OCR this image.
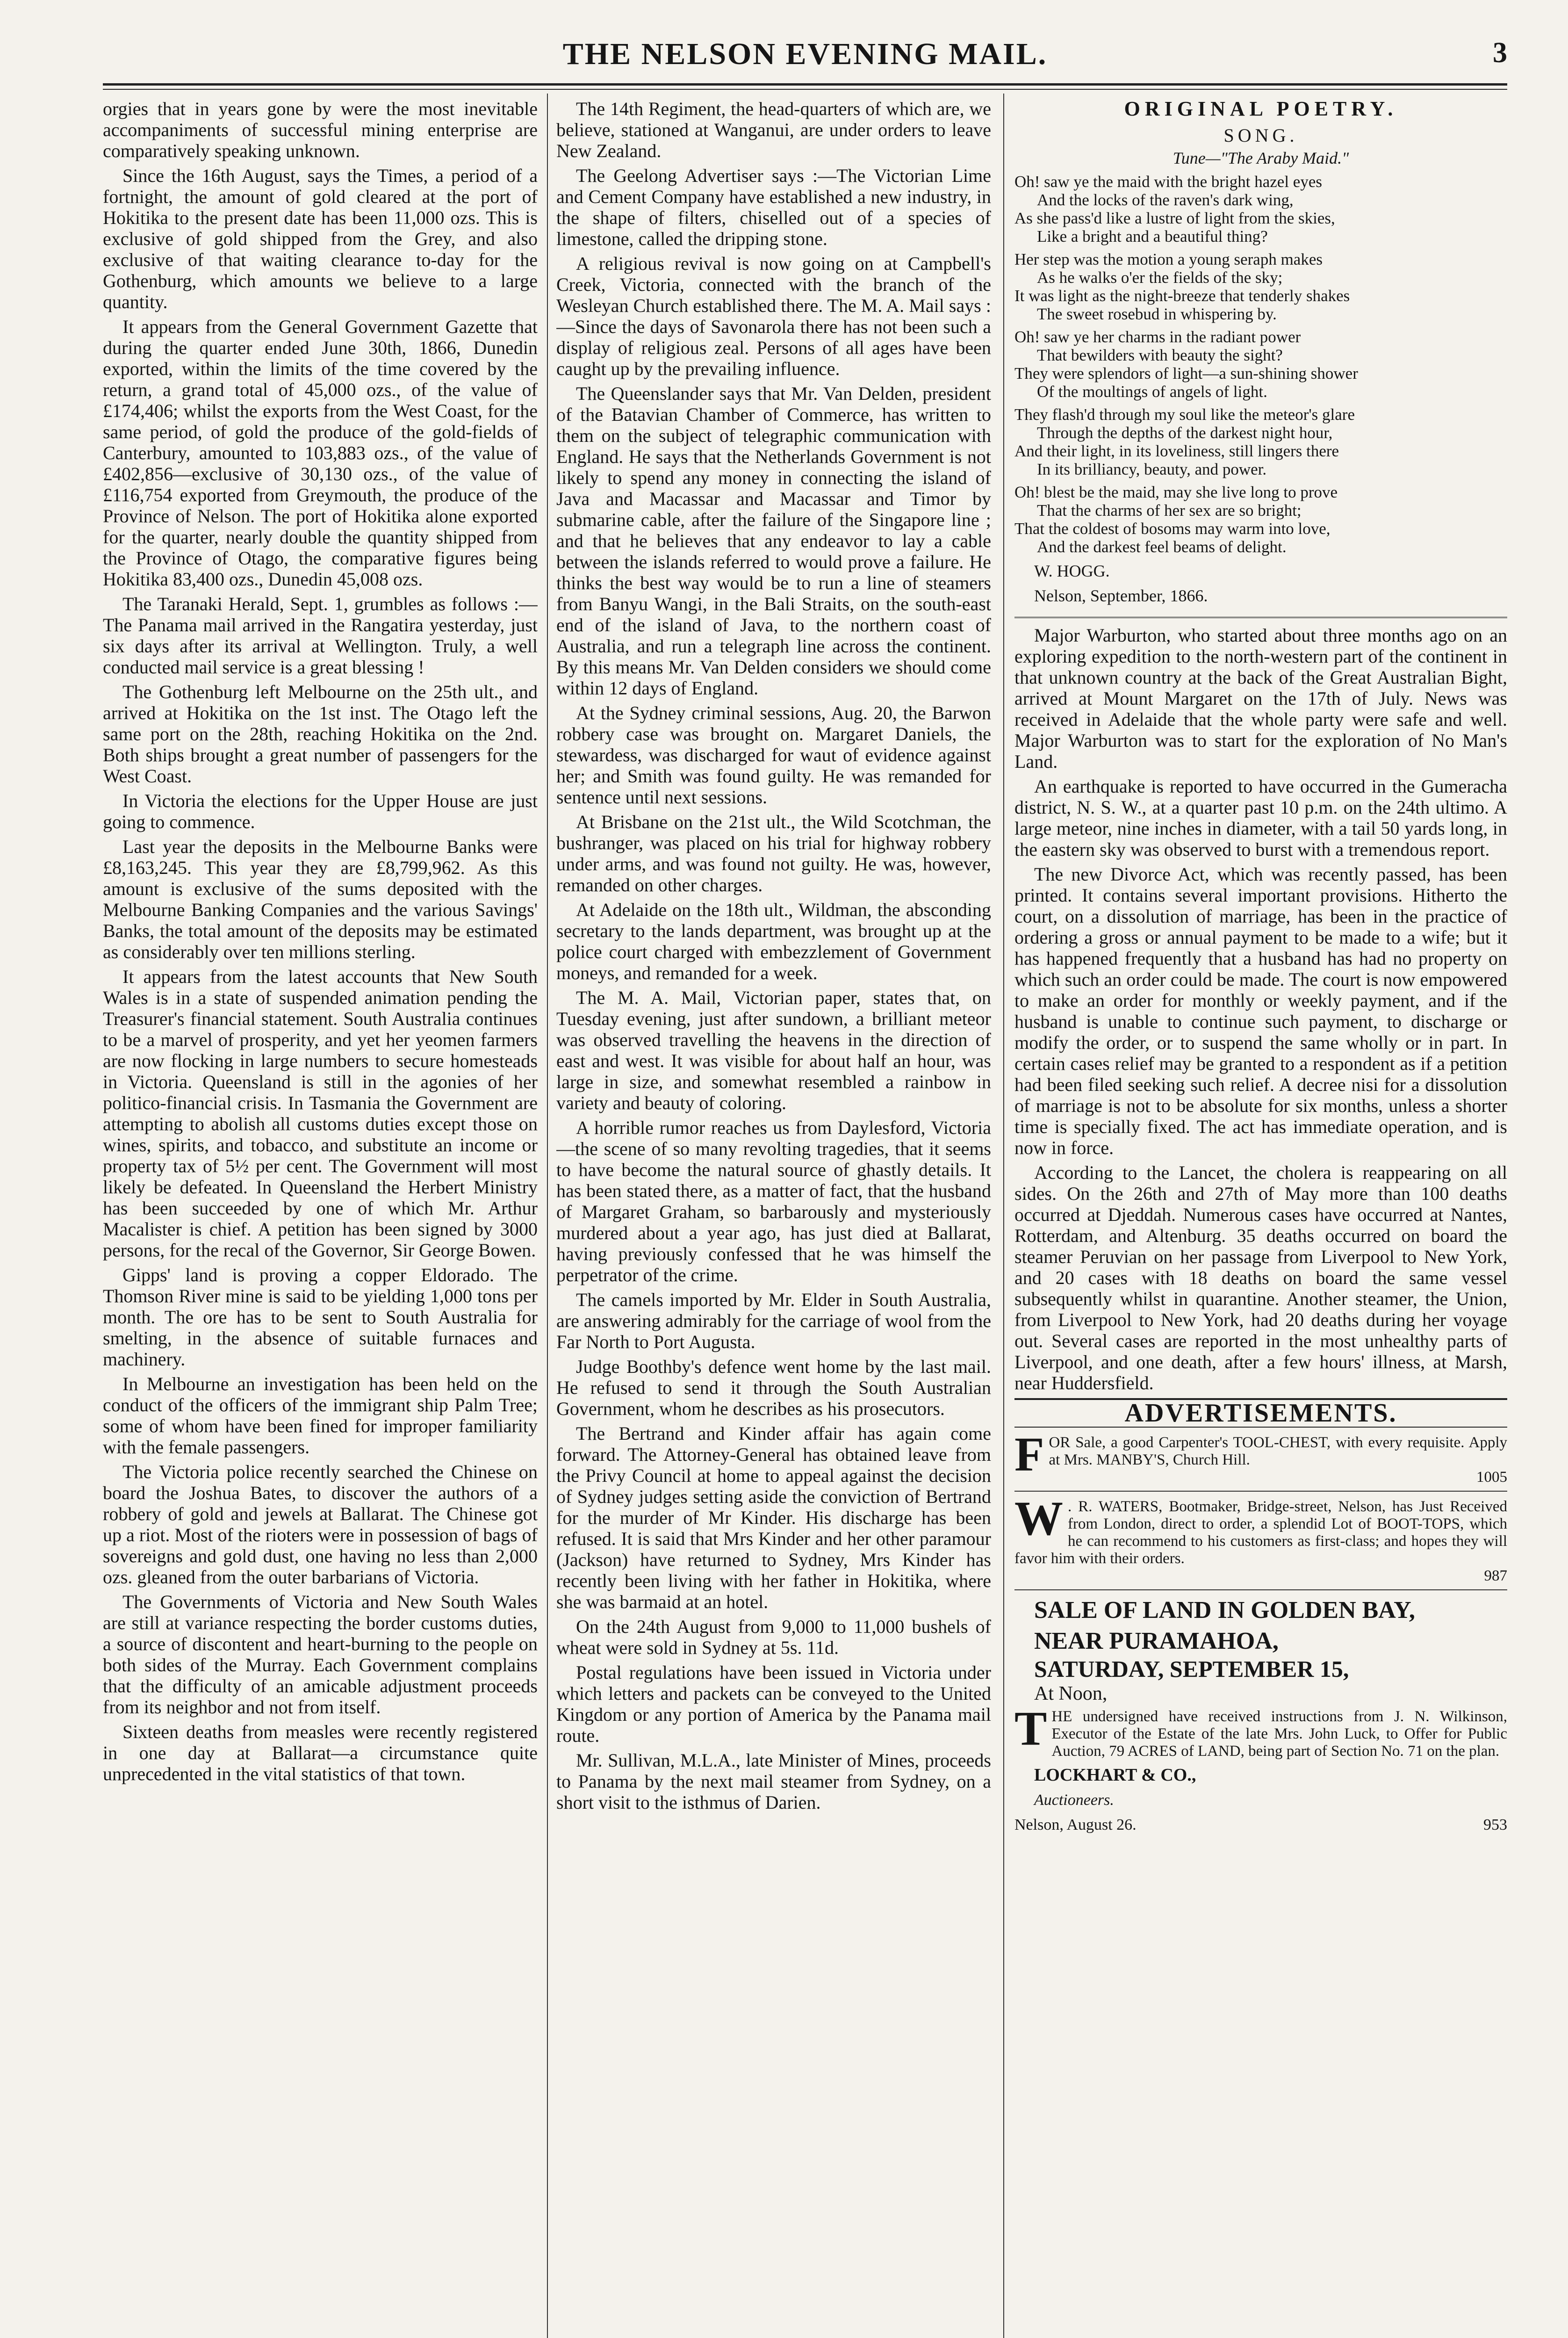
THE NELSON EVENING MAIL.	3

orgies that in years gone by were the most inevitable accompaniments of successful mining enterprise are comparatively speaking unknown.

Since the 16th August, says the Times, a period of a fortnight, the amount of gold cleared at the port of Hokitika to the present date has been 11,000 ozs. This is exclusive of gold shipped from the Grey, and also exclusive of that waiting clearance to-day for the Gothenburg, which amounts we believe to a large quantity.

It appears from the General Government Gazette that during the quarter ended June 30th, 1866, Dunedin exported, within the limits of the time covered by the return, a grand total of 45,000 ozs., of the value of £174,406; whilst the exports from the West Coast, for the same period, of gold the produce of the gold-fields of Canterbury, amounted to 103,883 ozs., of the value of £402,856—exclusive of 30,130 ozs., of the value of £116,754 exported from Greymouth, the produce of the Province of Nelson. The port of Hokitika alone exported for the quarter, nearly double the quantity shipped from the Province of Otago, the comparative figures being Hokitika 83,400 ozs., Dunedin 45,008 ozs.

The Taranaki Herald, Sept. 1, grumbles as follows :—The Panama mail arrived in the Rangatira yesterday, just six days after its arrival at Wellington. Truly, a well conducted mail service is a great blessing !

The Gothenburg left Melbourne on the 25th ult., and arrived at Hokitika on the 1st inst. The Otago left the same port on the 28th, reaching Hokitika on the 2nd. Both ships brought a great number of passengers for the West Coast.

In Victoria the elections for the Upper House are just going to commence.

Last year the deposits in the Melbourne Banks were £8,163,245. This year they are £8,799,962. As this amount is exclusive of the sums deposited with the Melbourne Banking Companies and the various Savings' Banks, the total amount of the deposits may be estimated as considerably over ten millions sterling.

It appears from the latest accounts that New South Wales is in a state of suspended animation pending the Treasurer's financial statement. South Australia continues to be a marvel of prosperity, and yet her yeomen farmers are now flocking in large numbers to secure homesteads in Victoria. Queensland is still in the agonies of her politico-financial crisis. In Tasmania the Government are attempting to abolish all customs duties except those on wines, spirits, and tobacco, and substitute an income or property tax of 5½ per cent. The Government will most likely be defeated. In Queensland the Herbert Ministry has been succeeded by one of which Mr. Arthur Macalister is chief. A petition has been signed by 3000 persons, for the recal of the Governor, Sir George Bowen.

Gipps' land is proving a copper Eldorado. The Thomson River mine is said to be yielding 1,000 tons per month. The ore has to be sent to South Australia for smelting, in the absence of suitable furnaces and machinery.

In Melbourne an investigation has been held on the conduct of the officers of the immigrant ship Palm Tree; some of whom have been fined for improper familiarity with the female passengers.

The Victoria police recently searched the Chinese on board the Joshua Bates, to discover the authors of a robbery of gold and jewels at Ballarat. The Chinese got up a riot. Most of the rioters were in possession of bags of sovereigns and gold dust, one having no less than 2,000 ozs. gleaned from the outer barbarians of Victoria.

The Governments of Victoria and New South Wales are still at variance respecting the border customs duties, a source of discontent and heart-burning to the people on both sides of the Murray. Each Government complains that the difficulty of an amicable adjustment proceeds from its neighbor and not from itself.

Sixteen deaths from measles were recently registered in one day at Ballarat—a circumstance quite unprecedented in the vital statistics of that town.

The 14th Regiment, the head-quarters of which are, we believe, stationed at Wanganui, are under orders to leave New Zealand.

The Geelong Advertiser says :—The Victorian Lime and Cement Company have established a new industry, in the shape of filters, chiselled out of a species of limestone, called the dripping stone.

A religious revival is now going on at Campbell's Creek, Victoria, connected with the branch of the Wesleyan Church established there. The M. A. Mail says :—Since the days of Savonarola there has not been such a display of religious zeal. Persons of all ages have been caught up by the prevailing influence.

The Queenslander says that Mr. Van Delden, president of the Batavian Chamber of Commerce, has written to them on the subject of telegraphic communication with England. He says that the Netherlands Government is not likely to spend any money in connecting the island of Java and Macassar and Macassar and Timor by submarine cable, after the failure of the Singapore line ; and that he believes that any endeavor to lay a cable between the islands referred to would prove a failure. He thinks the best way would be to run a line of steamers from Banyu Wangi, in the Bali Straits, on the south-east end of the island of Java, to the northern coast of Australia, and run a telegraph line across the continent. By this means Mr. Van Delden considers we should come within 12 days of England.

At the Sydney criminal sessions, Aug. 20, the Barwon robbery case was brought on. Margaret Daniels, the stewardess, was discharged for waut of evidence against her; and Smith was found guilty. He was remanded for sentence until next sessions.

At Brisbane on the 21st ult., the Wild Scotchman, the bushranger, was placed on his trial for highway robbery under arms, and was found not guilty. He was, however, remanded on other charges.

At Adelaide on the 18th ult., Wildman, the absconding secretary to the lands department, was brought up at the police court charged with embezzlement of Government moneys, and remanded for a week.

The M. A. Mail, Victorian paper, states that, on Tuesday evening, just after sundown, a brilliant meteor was observed travelling the heavens in the direction of east and west. It was visible for about half an hour, was large in size, and somewhat resembled a rainbow in variety and beauty of coloring.

A horrible rumor reaches us from Daylesford, Victoria—the scene of so many revolting tragedies, that it seems to have become the natural source of ghastly details. It has been stated there, as a matter of fact, that the husband of Margaret Graham, so barbarously and mysteriously murdered about a year ago, has just died at Ballarat, having previously confessed that he was himself the perpetrator of the crime.

The camels imported by Mr. Elder in South Australia, are answering admirably for the carriage of wool from the Far North to Port Augusta.

Judge Boothby's defence went home by the last mail. He refused to send it through the South Australian Government, whom he describes as his prosecutors.

The Bertrand and Kinder affair has again come forward. The Attorney-General has obtained leave from the Privy Council at home to appeal against the decision of Sydney judges setting aside the conviction of Bertrand for the murder of Mr Kinder. His discharge has been refused. It is said that Mrs Kinder and her other paramour (Jackson) have returned to Sydney, Mrs Kinder has recently been living with her father in Hokitika, where she was barmaid at an hotel.

On the 24th August from 9,000 to 11,000 bushels of wheat were sold in Sydney at 5s. 11d.

Postal regulations have been issued in Victoria under which letters and packets can be conveyed to the United Kingdom or any portion of America by the Panama mail route.

Mr. Sullivan, M.L.A., late Minister of Mines, proceeds to Panama by the next mail steamer from Sydney, on a short visit to the isthmus of Darien.

ORIGINAL POETRY.
SONG.
Tune—"The Araby Maid."
Oh! saw ye the maid with the bright hazel eyes
And the locks of the raven's dark wing,
As she pass'd like a lustre of light from the skies,
Like a bright and a beautiful thing?
Her step was the motion a young seraph makes
As he walks o'er the fields of the sky;
It was light as the night-breeze that tenderly shakes
The sweet rosebud in whispering by.
Oh! saw ye her charms in the radiant power
That bewilders with beauty the sight?
They were splendors of light—a sun-shining shower
Of the moultings of angels of light.
They flash'd through my soul like the meteor's glare
Through the depths of the darkest night hour,
And their light, in its loveliness, still lingers there
In its brilliancy, beauty, and power.
Oh! blest be the maid, may she live long to prove
That the charms of her sex are so bright;
That the coldest of bosoms may warm into love,
And the darkest feel beams of delight.

W. HOGG.

Nelson, September, 1866.

Major Warburton, who started about three months ago on an exploring expedition to the north-western part of the continent in that unknown country at the back of the Great Australian Bight, arrived at Mount Margaret on the 17th of July. News was received in Adelaide that the whole party were safe and well. Major Warburton was to start for the exploration of No Man's Land.

An earthquake is reported to have occurred in the Gumeracha district, N. S. W., at a quarter past 10 p.m. on the 24th ultimo. A large meteor, nine inches in diameter, with a tail 50 yards long, in the eastern sky was observed to burst with a tremendous report.

The new Divorce Act, which was recently passed, has been printed. It contains several important provisions. Hitherto the court, on a dissolution of marriage, has been in the practice of ordering a gross or annual payment to be made to a wife; but it has happened frequently that a husband has had no property on which such an order could be made. The court is now empowered to make an order for monthly or weekly payment, and if the husband is unable to continue such payment, to discharge or modify the order, or to suspend the same wholly or in part. In certain cases relief may be granted to a respondent as if a petition had been filed seeking such relief. A decree nisi for a dissolution of marriage is not to be absolute for six months, unless a shorter time is specially fixed. The act has immediate operation, and is now in force.

According to the Lancet, the cholera is reappearing on all sides. On the 26th and 27th of May more than 100 deaths occurred at Djeddah. Numerous cases have occurred at Nantes, Rotterdam, and Altenburg. 35 deaths occurred on board the steamer Peruvian on her passage from Liverpool to New York, and 20 cases with 18 deaths on board the same vessel subsequently whilst in quarantine. Another steamer, the Union, from Liverpool to New York, had 20 deaths during her voyage out. Several cases are reported in the most unhealthy parts of Liverpool, and one death, after a few hours' illness, at Marsh, near Huddersfield.

ADVERTISEMENTS.
F OR Sale, a good Carpenter's TOOL-CHEST, with every requisite. Apply at Mrs. MANBY'S, Church Hill.
1005
W . R. WATERS, Bootmaker, Bridge-street, Nelson, has Just Received from London, direct to order, a splendid Lot of BOOT-TOPS, which he can recommend to his customers as first-class; and hopes they will favor him with their orders.
987

SALE OF LAND IN GOLDEN BAY,

NEAR PURAMAHOA,

SATURDAY, SEPTEMBER 15,

At Noon,

T HE undersigned have received instructions from J. N. Wilkinson, Executor of the Estate of the late Mrs. John Luck, to Offer for Public Auction, 79 ACRES of LAND, being part of Section No. 71 on the plan.

LOCKHART & CO.,

Auctioneers.

Nelson, August 26.	953
